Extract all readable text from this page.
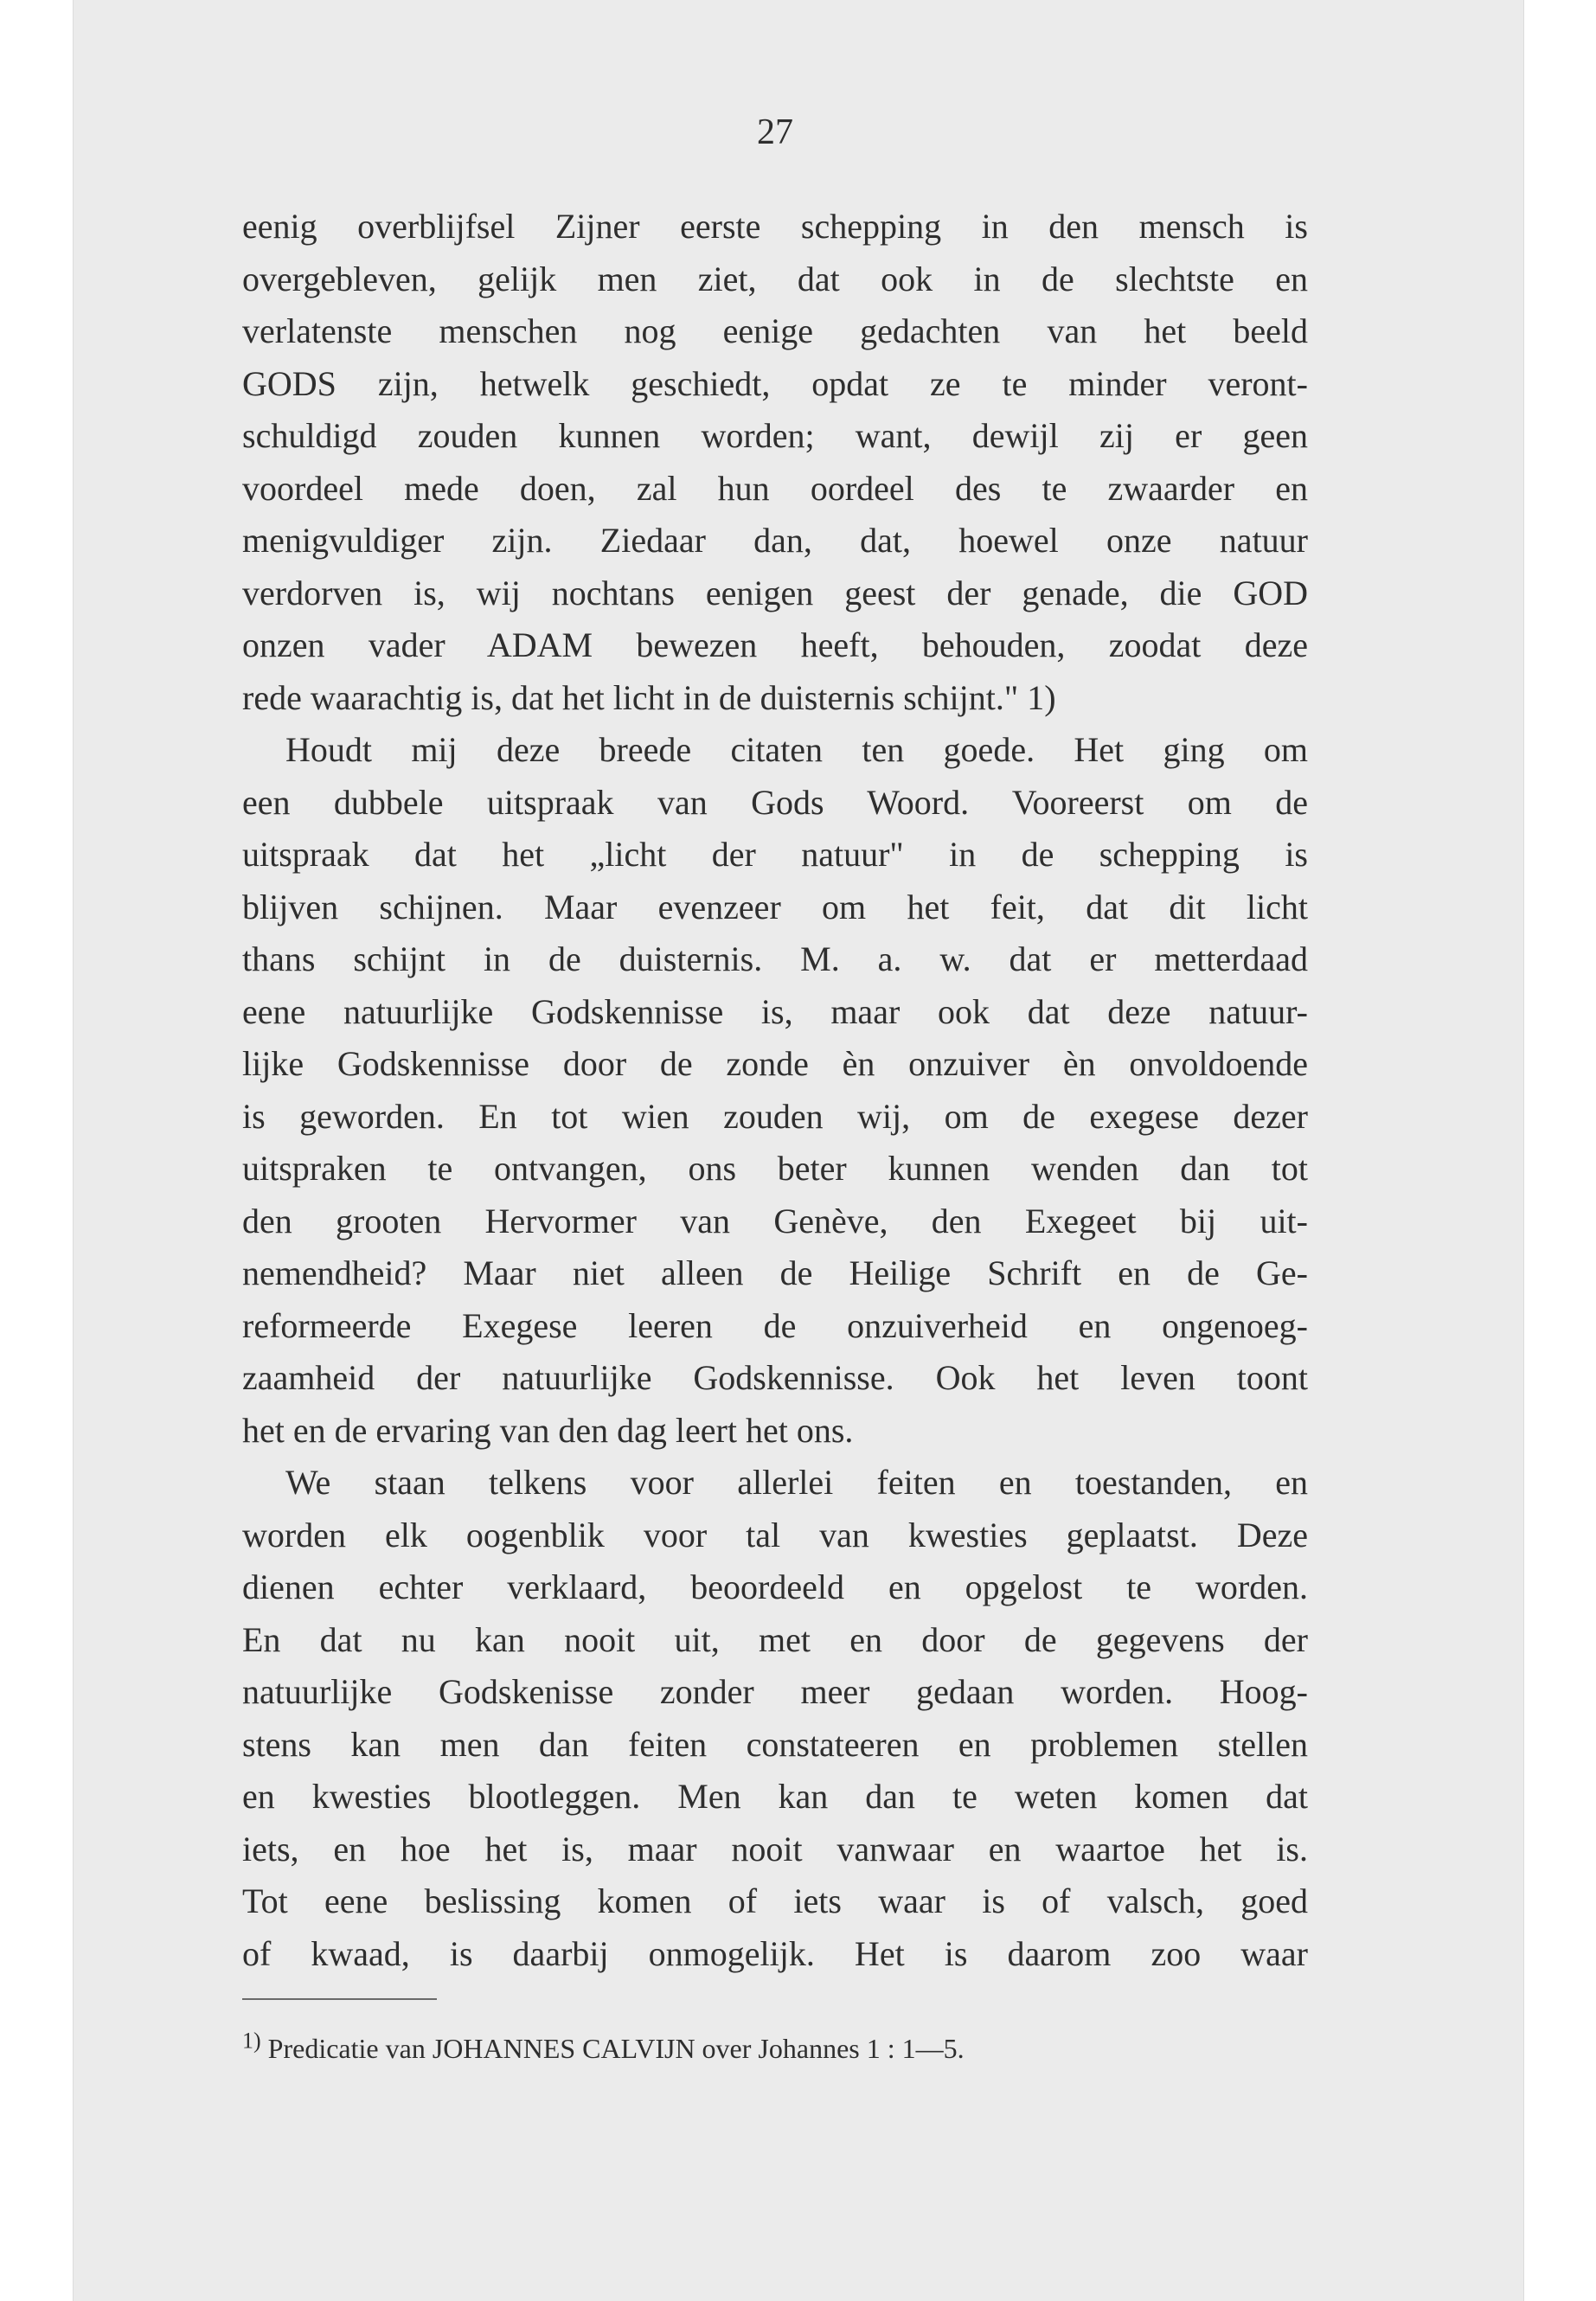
27
eenig overblijfsel Zijner eerste schepping in den mensch is
overgebleven, gelijk men ziet, dat ook in de slechtste en
verlatenste menschen nog eenige gedachten van het beeld
GODS zijn, hetwelk geschiedt, opdat ze te minder veront-
schuldigd zouden kunnen worden; want, dewijl zij er geen
voordeel mede doen, zal hun oordeel des te zwaarder en
menigvuldiger zijn. Ziedaar dan, dat, hoewel onze natuur
verdorven is, wij nochtans eenigen geest der genade, die GOD
onzen vader ADAM bewezen heeft, behouden, zoodat deze
rede waarachtig is, dat het licht in de duisternis schijnt." 1)
Houdt mij deze breede citaten ten goede. Het ging om
een dubbele uitspraak van Gods Woord. Vooreerst om de
uitspraak dat het „licht der natuur" in de schepping is
blijven schijnen. Maar evenzeer om het feit, dat dit licht
thans schijnt in de duisternis. M. a. w. dat er metterdaad
eene natuurlijke Godskennisse is, maar ook dat deze natuur-
lijke Godskennisse door de zonde èn onzuiver èn onvoldoende
is geworden. En tot wien zouden wij, om de exegese dezer
uitspraken te ontvangen, ons beter kunnen wenden dan tot
den grooten Hervormer van Genève, den Exegeet bij uit-
nemendheid? Maar niet alleen de Heilige Schrift en de Ge-
reformeerde Exegese leeren de onzuiverheid en ongenoeg-
zaamheid der natuurlijke Godskennisse. Ook het leven toont
het en de ervaring van den dag leert het ons.
We staan telkens voor allerlei feiten en toestanden, en
worden elk oogenblik voor tal van kwesties geplaatst. Deze
dienen echter verklaard, beoordeeld en opgelost te worden.
En dat nu kan nooit uit, met en door de gegevens der
natuurlijke Godskenisse zonder meer gedaan worden. Hoog-
stens kan men dan feiten constateeren en problemen stellen
en kwesties blootleggen. Men kan dan te weten komen dat
iets, en hoe het is, maar nooit vanwaar en waartoe het is.
Tot eene beslissing komen of iets waar is of valsch, goed
of kwaad, is daarbij onmogelijk. Het is daarom zoo waar
$^{1)}$ Predicatie van JOHANNES CALVIJN over Johannes 1 : 1—5.
